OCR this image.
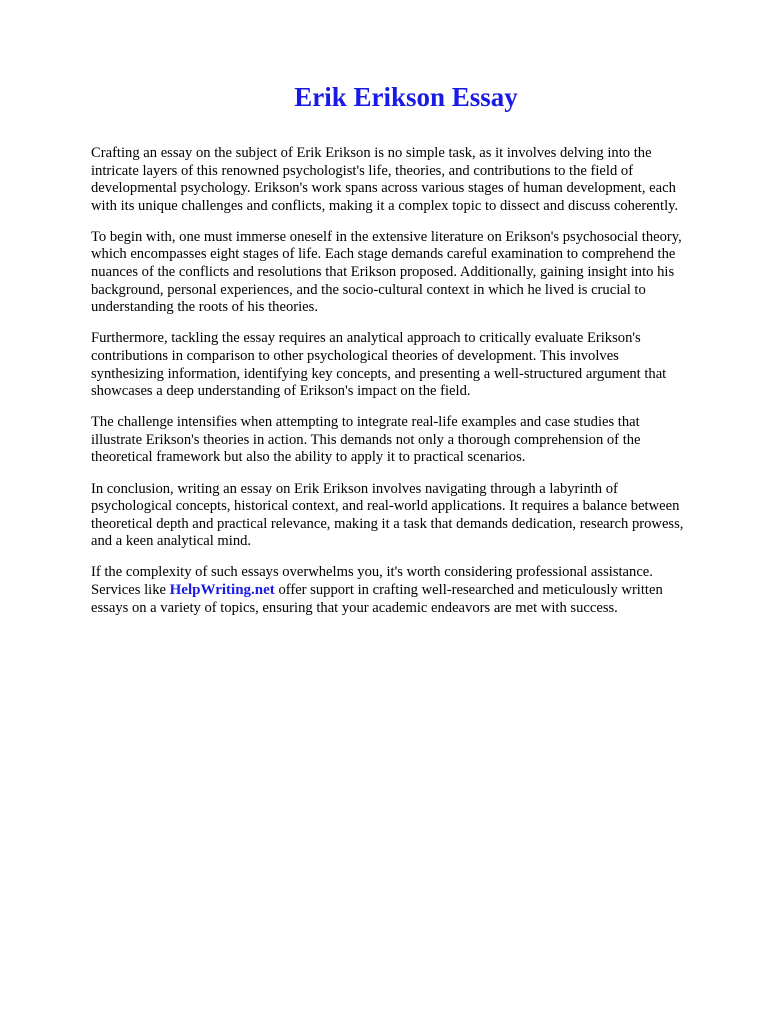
Erik Erikson Essay

Crafting an essay on the subject of Erik Erikson is no simple task, as it involves delving into the
intricate layers of this renowned psychologist's life, theories, and contributions to the field of
developmental psychology. Erikson's work spans across various stages of human development, each
with its unique challenges and conflicts, making it a complex topic to dissect and discuss coherently.

To begin with, one must immerse oneself in the extensive literature on Erikson's psychosocial theory,
which encompasses eight stages of life. Each stage demands careful examination to comprehend the
nuances of the conflicts and resolutions that Erikson proposed. Additionally, gaining insight into his
background, personal experiences, and the socio-cultural context in which he lived is crucial to
understanding the roots of his theories.

Furthermore, tackling the essay requires an analytical approach to critically evaluate Erikson's
contributions in comparison to other psychological theories of development. This involves
synthesizing information, identifying key concepts, and presenting a well-structured argument that
showcases a deep understanding of Erikson's impact on the field.

The challenge intensifies when attempting to integrate real-life examples and case studies that
illustrate Erikson's theories in action. This demands not only a thorough comprehension of the
theoretical framework but also the ability to apply it to practical scenarios.

In conclusion, writing an essay on Erik Erikson involves navigating through a labyrinth of
psychological concepts, historical context, and real-world applications. It requires a balance between
theoretical depth and practical relevance, making it a task that demands dedication, research prowess,
and a keen analytical mind.

If the complexity of such essays overwhelms you, it's worth considering professional assistance.
Services like HelpWriting.net offer support in crafting well-researched and meticulously written
essays on a variety of topics, ensuring that your academic endeavors are met with success.
